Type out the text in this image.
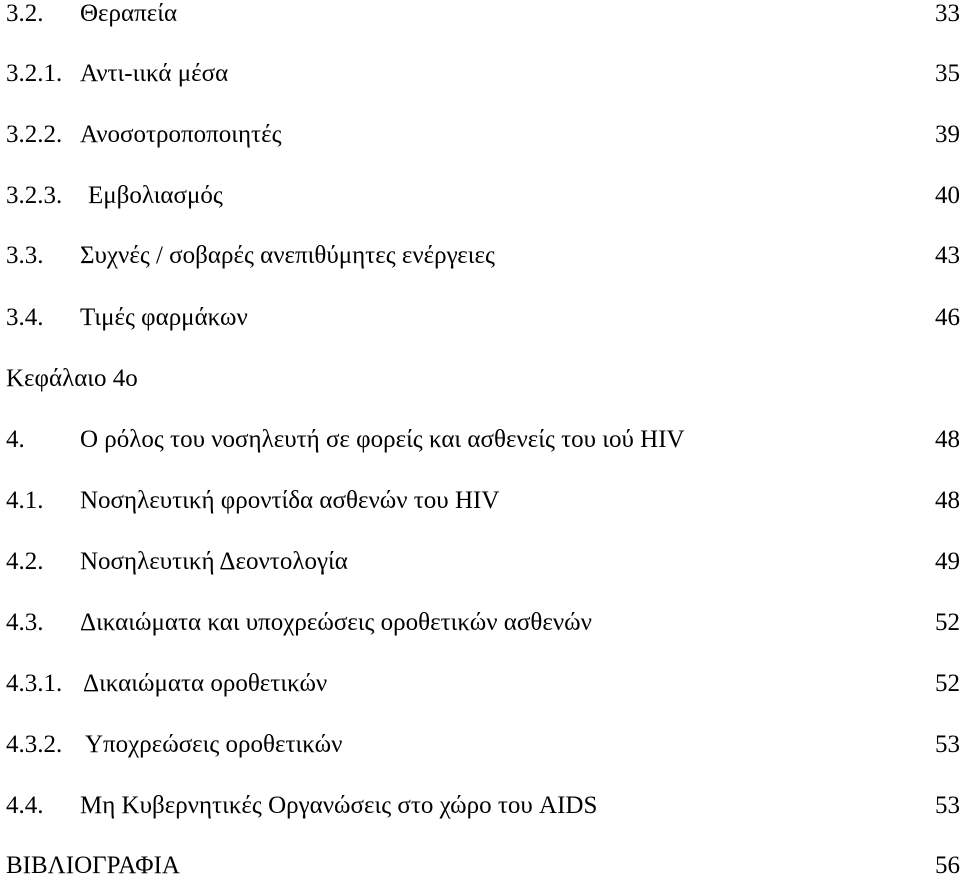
3.2. Θεραπεία	33
3.2.1. Αντι-ιικά μέσα	35
3.2.2. Ανοσοτροποποιητές	39
3.2.3. Εμβολιασμός	40
3.3. Συχνές / σοβαρές ανεπιθύμητες ενέργειες	43
3.4. Τιμές φαρμάκων	46
Κεφάλαιο 4ο
4. Ο ρόλος του νοσηλευτή σε φορείς και ασθενείς του ιού HIV	48
4.1. Νοσηλευτική φροντίδα ασθενών του HIV	48
4.2. Νοσηλευτική Δεοντολογία	49
4.3. Δικαιώματα και υποχρεώσεις οροθετικών ασθενών	52
4.3.1. Δικαιώματα οροθετικών	52
4.3.2. Υποχρεώσεις οροθετικών	53
4.4. Μη Κυβερνητικές Οργανώσεις στο χώρο του AIDS	53
ΒΙΒΛΙΟΓΡΑΦΙΑ	56
